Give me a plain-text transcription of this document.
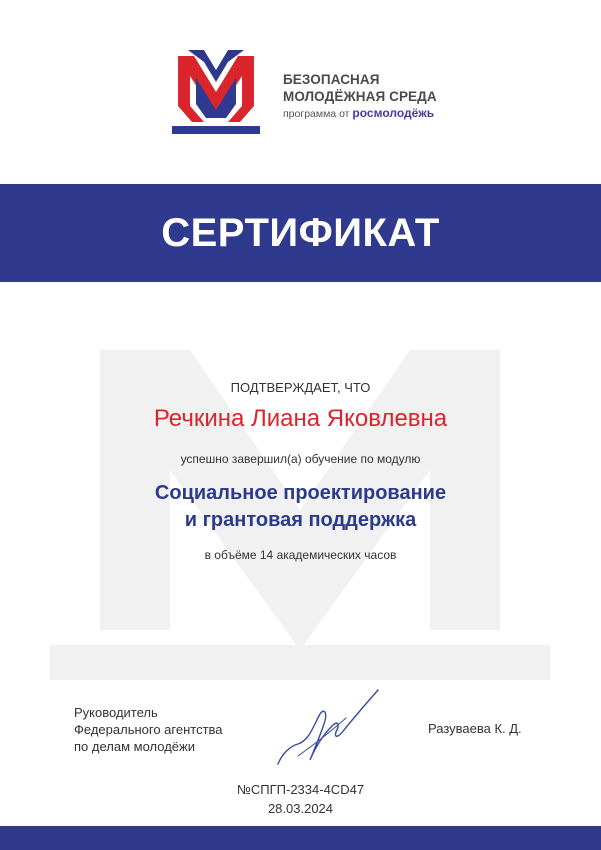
БЕЗОПАСНАЯ
МОЛОДЁЖНАЯ СРЕДА
программа от росмолодёжь
СЕРТИФИКАТ
ПОДТВЕРЖДАЕТ, ЧТО
Речкина Лиана Яковлевна
успешно завершил(а) обучение по модулю
Социальное проектирование
и грантовая поддержка
в объёме 14 академических часов
Руководитель
Федерального агентства
по делам молодёжи
Разуваева К. Д.
№СПГП-2334-4CD47
28.03.2024
